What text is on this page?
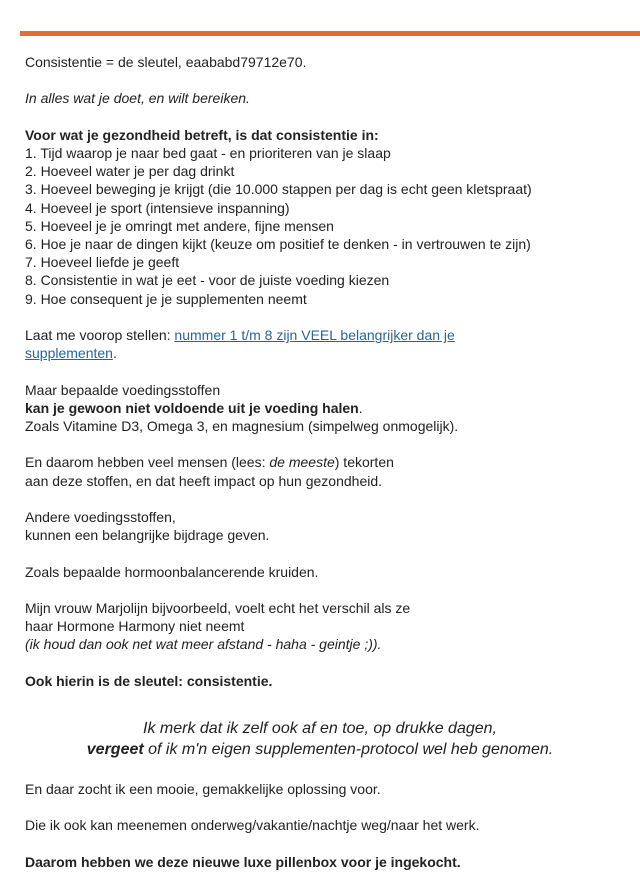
Consistentie = de sleutel, eaababd79712e70.

In alles wat je doet, en wilt bereiken.

Voor wat je gezondheid betreft, is dat consistentie in:
1. Tijd waarop je naar bed gaat - en prioriteren van je slaap
2. Hoeveel water je per dag drinkt
3. Hoeveel beweging je krijgt (die 10.000 stappen per dag is echt geen kletspraat)
4. Hoeveel je sport (intensieve inspanning)
5. Hoeveel je je omringt met andere, fijne mensen
6. Hoe je naar de dingen kijkt (keuze om positief te denken - in vertrouwen te zijn)
7. Hoeveel liefde je geeft
8. Consistentie in wat je eet - voor de juiste voeding kiezen
9. Hoe consequent je je supplementen neemt

Laat me voorop stellen: nummer 1 t/m 8 zijn VEEL belangrijker dan je supplementen.

Maar bepaalde voedingsstoffen
kan je gewoon niet voldoende uit je voeding halen.
Zoals Vitamine D3, Omega 3, en magnesium (simpelweg onmogelijk).

En daarom hebben veel mensen (lees: de meeste) tekorten
aan deze stoffen, en dat heeft impact op hun gezondheid.

Andere voedingsstoffen,
kunnen een belangrijke bijdrage geven.

Zoals bepaalde hormoonbalancerende kruiden.

Mijn vrouw Marjolijn bijvoorbeeld, voelt echt het verschil als ze
haar Hormone Harmony niet neemt
(ik houd dan ook net wat meer afstand - haha - geintje ;)).

Ook hierin is de sleutel: consistentie.

Ik merk dat ik zelf ook af en toe, op drukke dagen,
vergeet of ik m'n eigen supplementen-protocol wel heb genomen.

En daar zocht ik een mooie, gemakkelijke oplossing voor.

Die ik ook kan meenemen onderweg/vakantie/nachtje weg/naar het werk.

Daarom hebben we deze nieuwe luxe pillenbox voor je ingekocht.
